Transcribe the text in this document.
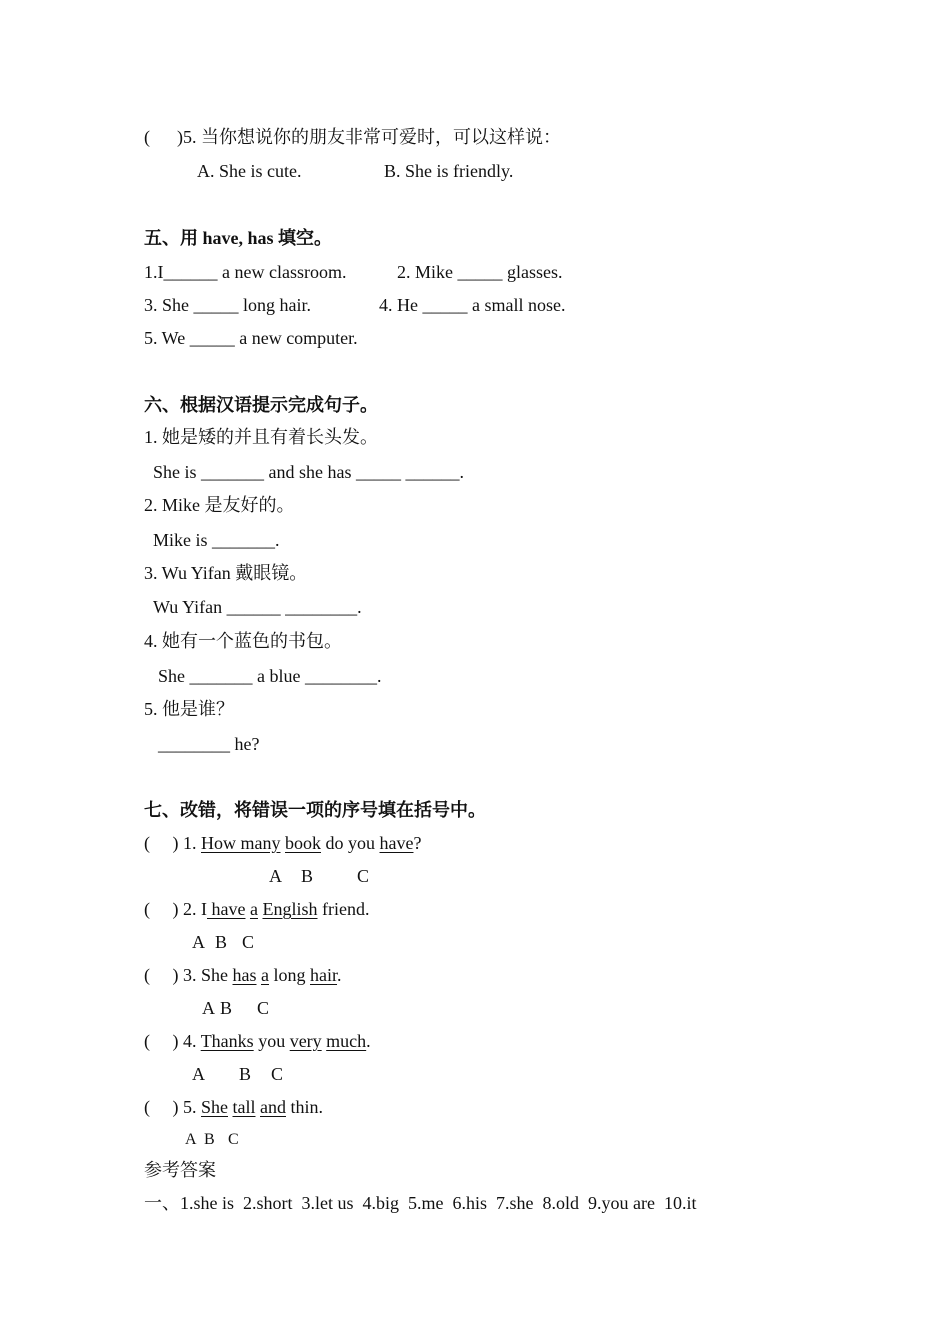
(      )5. 当你想说你的朋友非常可爱时，可以这样说：
A. She is cute.	B. She is friendly.
五、用 have, has 填空。
1.I______ a new classroom.	2. Mike _____ glasses.
3. She _____ long hair.	4. He _____ a small nose.
5. We _____ a new computer.
六、根据汉语提示完成句子。
1. 她是矮的并且有着长头发。
She is _______ and she has _____ ______.
2. Mike 是友好的。
Mike is _______.
3. Wu Yifan 戴眼镜。
Wu Yifan ______ ________.
4. 她有一个蓝色的书包。
She _______ a blue ________.
5. 他是谁？
________ he?
七、改错，将错误一项的序号填在括号中。
(     ) 1. How many book do you have?
A B C
(     ) 2. I have a English friend.
A B C
(     ) 3. She has a long hair.
A B C
(     ) 4. Thanks you very much.
A B C
(     ) 5. She tall and thin.
A B C
参考答案
一、1.she is  2.short  3.let us  4.big  5.me  6.his  7.she  8.old  9.you are  10.it
